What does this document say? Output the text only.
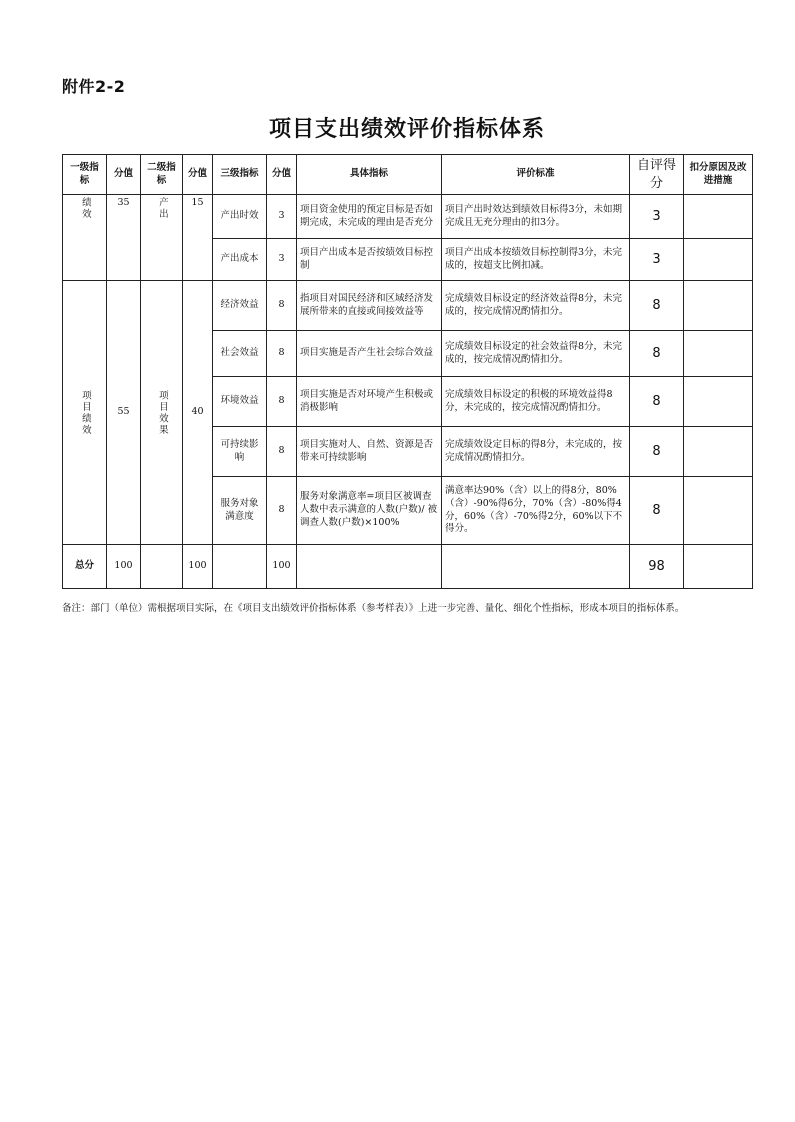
附件2-2
项目支出绩效评价指标体系
一级指标	分值	二级指标	分值	三级指标	分值	具体指标	评价标准	自评得分	扣分原因及改进措施

绩效	35	产出	15	产出时效	3	项目资金使用的预定目标是否如期完成，未完成的理由是否充分	项目产出时效达到绩效目标得3分，未如期完成且无充分理由的扣3分。	3	
				产出成本	3	项目产出成本是否按绩效目标控制	项目产出成本按绩效目标控制得3分，未完成的，按超支比例扣减。	3	

项目绩效	55	项目效果	40	经济效益	8	指项目对国民经济和区域经济发展所带来的直接或间接效益等	完成绩效目标设定的经济效益得8分，未完成的，按完成情况酌情扣分。	8	
				社会效益	8	项目实施是否产生社会综合效益	完成绩效目标设定的社会效益得8分，未完成的，按完成情况酌情扣分。	8	
				环境效益	8	项目实施是否对环境产生积极或消极影响	完成绩效目标设定的积极的环境效益得8分，未完成的，按完成情况酌情扣分。	8	
				可持续影响	8	项目实施对人、自然、资源是否带来可持续影响	完成绩效设定目标的得8分，未完成的，按完成情况酌情扣分。	8	
				服务对象满意度	8	服务对象满意率=项目区被调查人数中表示满意的人数(户数)/ 被调查人数(户数)×100%	满意率达90%（含）以上的得8分，80%（含）-90%得6分，70%（含）-80%得4分，60%（含）-70%得2分，60%以下不得分。	8	
总分	100		100		100			98	
备注：部门（单位）需根据项目实际，在《项目支出绩效评价指标体系（参考样表）》上进一步完善、量化、细化个性指标，形成本项目的指标体系。
